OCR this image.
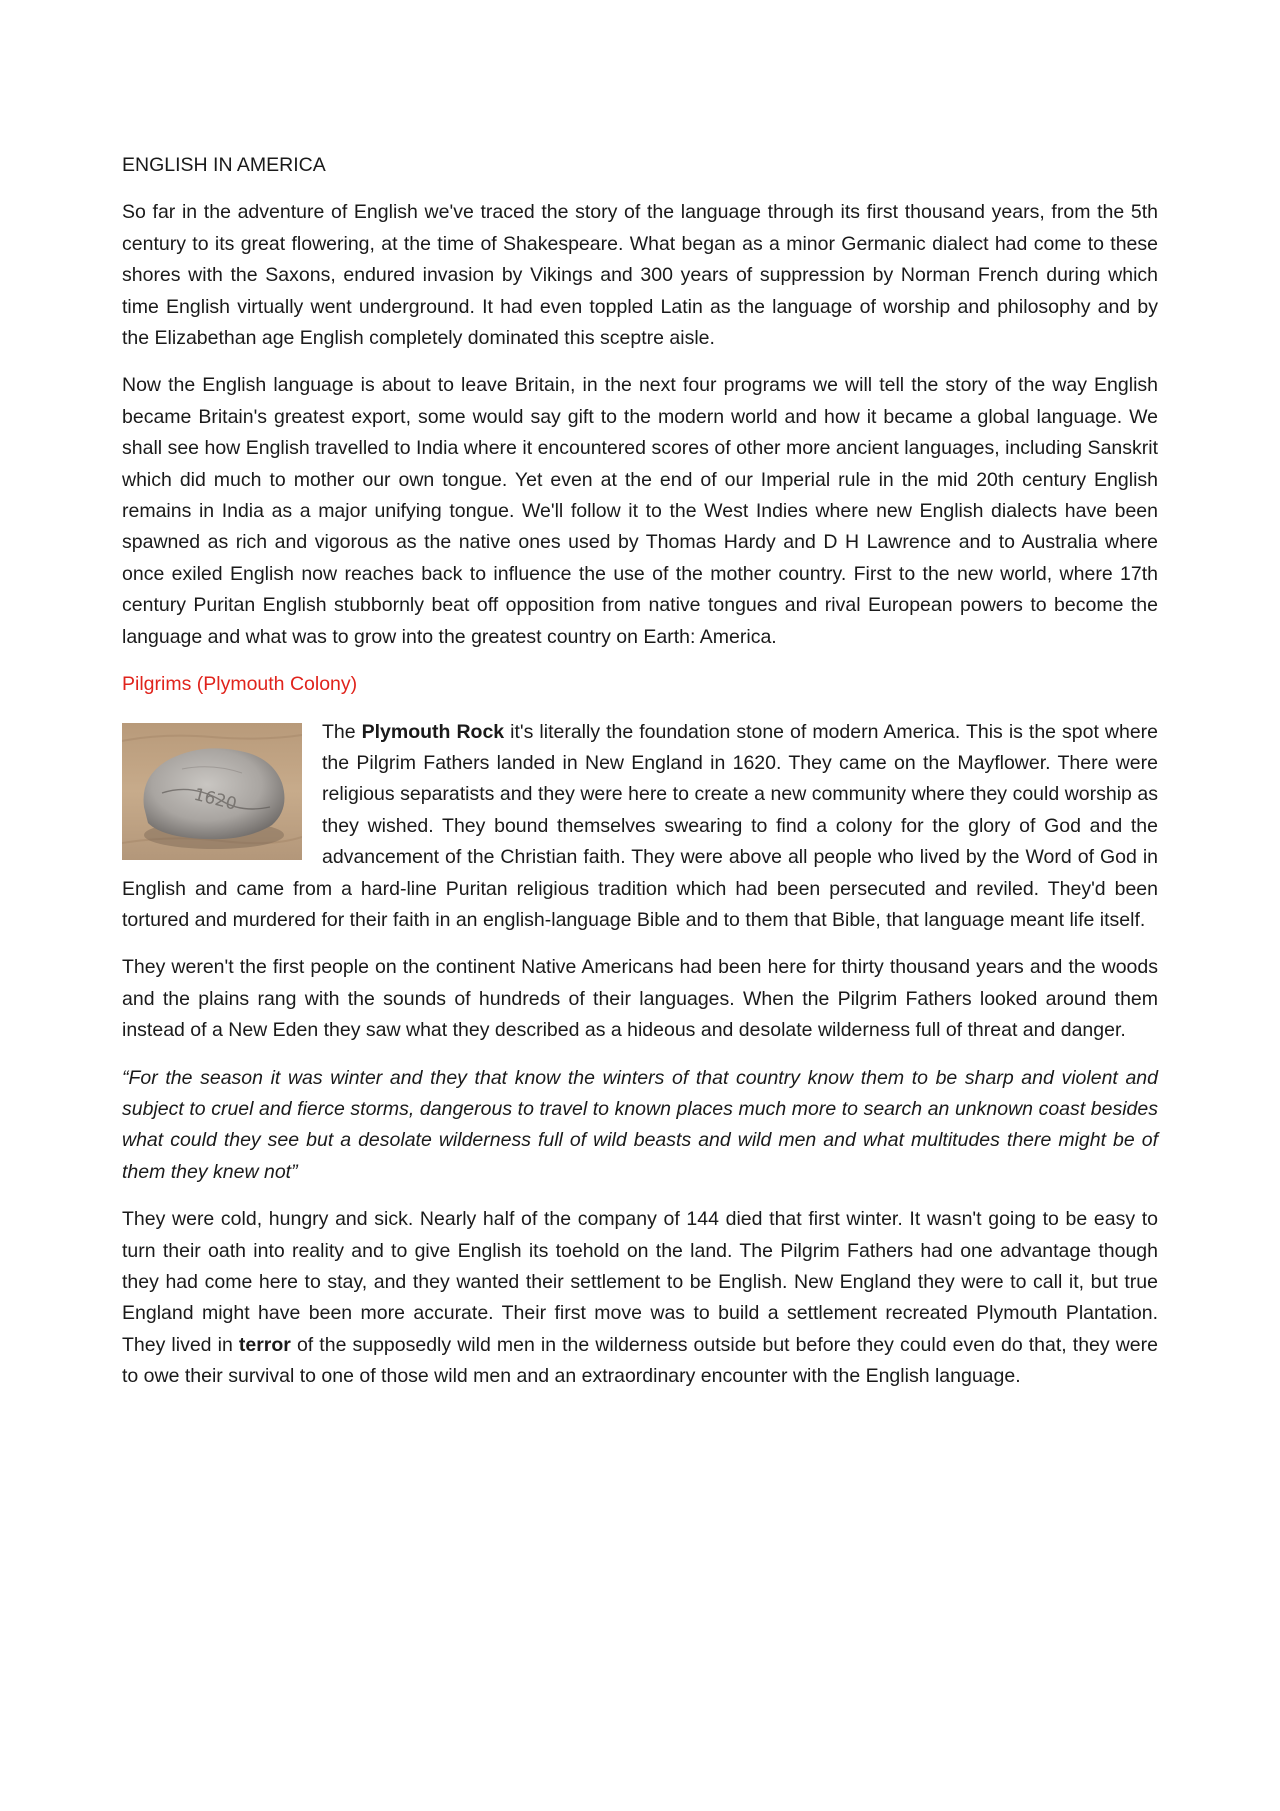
ENGLISH IN AMERICA

So far in the adventure of English we've traced the story of the language through its first thousand years, from the 5th century to its great flowering, at the time of Shakespeare. What began as a minor Germanic dialect had come to these shores with the Saxons, endured invasion by Vikings and 300 years of suppression by Norman French during which time English virtually went underground. It had even toppled Latin as the language of worship and philosophy and by the Elizabethan age English completely dominated this sceptre aisle.

Now the English language is about to leave Britain, in the next four programs we will tell the story of the way English became Britain's greatest export, some would say gift to the modern world and how it became a global language. We shall see how English travelled to India where it encountered scores of other more ancient languages, including Sanskrit which did much to mother our own tongue. Yet even at the end of our Imperial rule in the mid 20th century English remains in India as a major unifying tongue. We'll follow it to the West Indies where new English dialects have been spawned as rich and vigorous as the native ones used by Thomas Hardy and D H Lawrence and to Australia where once exiled English now reaches back to influence the use of the mother country. First to the new world, where 17th century Puritan English stubbornly beat off opposition from native tongues and rival European powers to become the language and what was to grow into the greatest country on Earth: America.

Pilgrims (Plymouth Colony)

1620
The Plymouth Rock it's literally the foundation stone of modern America. This is the spot where the Pilgrim Fathers landed in New England in 1620. They came on the Mayflower. There were religious separatists and they were here to create a new community where they could worship as they wished. They bound themselves swearing to find a colony for the glory of God and the advancement of the Christian faith. They were above all people who lived by the Word of God in English and came from a hard-line Puritan religious tradition which had been persecuted and reviled. They'd been tortured and murdered for their faith in an english-language Bible and to them that Bible, that language meant life itself.

They weren't the first people on the continent Native Americans had been here for thirty thousand years and the woods and the plains rang with the sounds of hundreds of their languages. When the Pilgrim Fathers looked around them instead of a New Eden they saw what they described as a hideous and desolate wilderness full of threat and danger.

“For the season it was winter and they that know the winters of that country know them to be sharp and violent and subject to cruel and fierce storms, dangerous to travel to known places much more to search an unknown coast besides what could they see but a desolate wilderness full of wild beasts and wild men and what multitudes there might be of them they knew not”

They were cold, hungry and sick. Nearly half of the company of 144 died that first winter. It wasn't going to be easy to turn their oath into reality and to give English its toehold on the land. The Pilgrim Fathers had one advantage though they had come here to stay, and they wanted their settlement to be English. New England they were to call it, but true England might have been more accurate. Their first move was to build a settlement recreated Plymouth Plantation. They lived in terror of the supposedly wild men in the wilderness outside but before they could even do that, they were to owe their survival to one of those wild men and an extraordinary encounter with the English language.
